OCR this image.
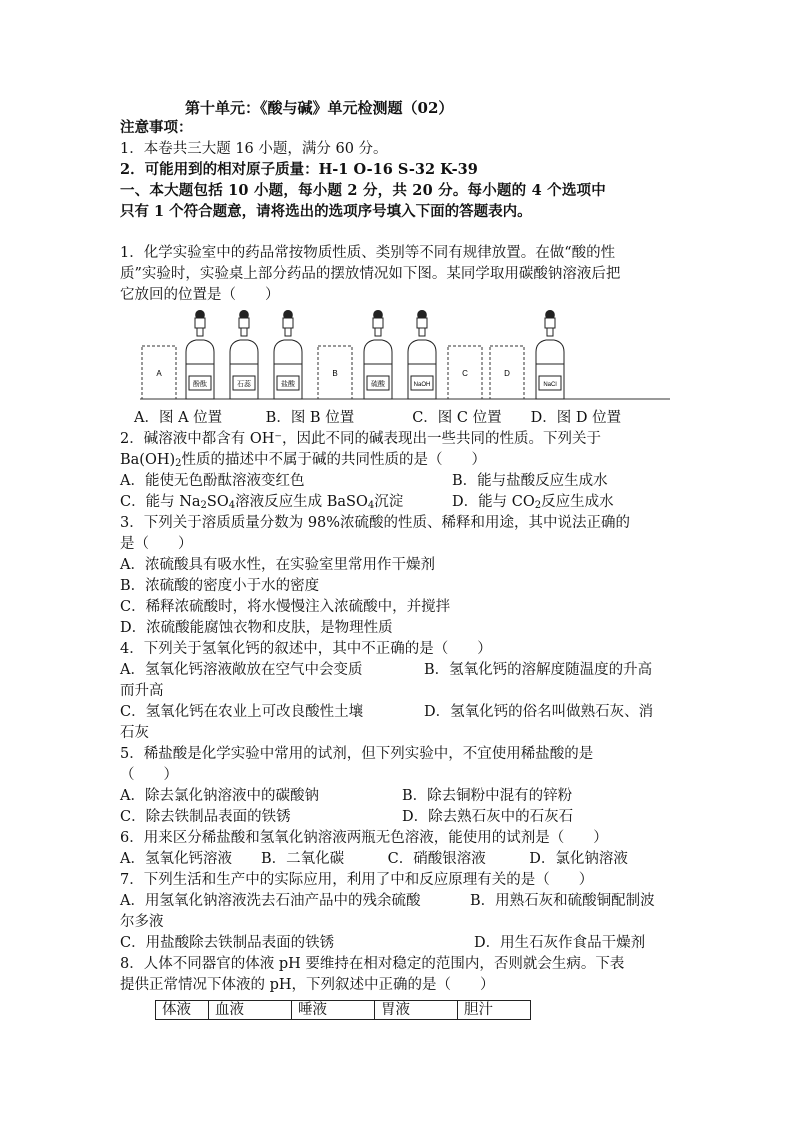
第十单元：《酸与碱》单元检测题（02）
注意事项：
1．本卷共三大题 16 小题，满分 60 分。
2．可能用到的相对原子质量：H-1 O-16 S-32 K-39
一、本大题包括 10 小题，每小题 2 分，共 20 分。每小题的 4 个选项中
只有 1 个符合题意，请将选出的选项序号填入下面的答题表内。
1．化学实验室中的药品常按物质性质、类别等不同有规律放置。在做“酸的性
质”实验时，实验桌上部分药品的摆放情况如下图。某同学取用碳酸钠溶液后把
它放回的位置是（　　）
A
酚酞	石蕊	盐酸
B
硫酸	NaOH
C	D
NaCl
A．图 A 位置　　　B．图 B 位置　　　　C．图 C 位置　　D．图 D 位置
2．碱溶液中都含有 OH⁻，因此不同的碱表现出一些共同的性质。下列关于
$Ba(OH)_2$性质的描述中不属于碱的共同性质的是（　　）
A．能使无色酚酞溶液变红色	B．能与盐酸反应生成水
C．能与 $Na_2SO_4$溶液反应生成 BaSO$_4$沉淀	D．能与 $CO_2$反应生成水
3．下列关于溶质质量分数为 98%浓硫酸的性质、稀释和用途，其中说法正确的
是（　　）
A．浓硫酸具有吸水性，在实验室里常用作干燥剂
B．浓硫酸的密度小于水的密度
C．稀释浓硫酸时，将水慢慢注入浓硫酸中，并搅拌
D．浓硫酸能腐蚀衣物和皮肤，是物理性质
4．下列关于氢氧化钙的叙述中，其中不正确的是（　　）
A．氢氧化钙溶液敞放在空气中会变质	B．氢氧化钙的溶解度随温度的升高
而升高
C．氢氧化钙在农业上可改良酸性土壤	D．氢氧化钙的俗名叫做熟石灰、消
石灰
5．稀盐酸是化学实验中常用的试剂，但下列实验中，不宜使用稀盐酸的是
（　　）
A．除去氯化钠溶液中的碳酸钠	B．除去铜粉中混有的锌粉
C．除去铁制品表面的铁锈	D．除去熟石灰中的石灰石
6．用来区分稀盐酸和氢氧化钠溶液两瓶无色溶液，能使用的试剂是（　　）
A．氢氧化钙溶液　　B．二氧化碳　　　C．硝酸银溶液　　　D．氯化钠溶液
7．下列生活和生产中的实际应用，利用了中和反应原理有关的是（　　）
A．用氢氧化钠溶液洗去石油产品中的残余硫酸	B．用熟石灰和硫酸铜配制波
尔多液
C．用盐酸除去铁制品表面的铁锈	D．用生石灰作食品干燥剂
8．人体不同器官的体液 pH 要维持在相对稳定的范围内，否则就会生病。下表
提供正常情况下体液的 pH，下列叙述中正确的是（　　）
体液	血液	唾液	胃液	胆汁
